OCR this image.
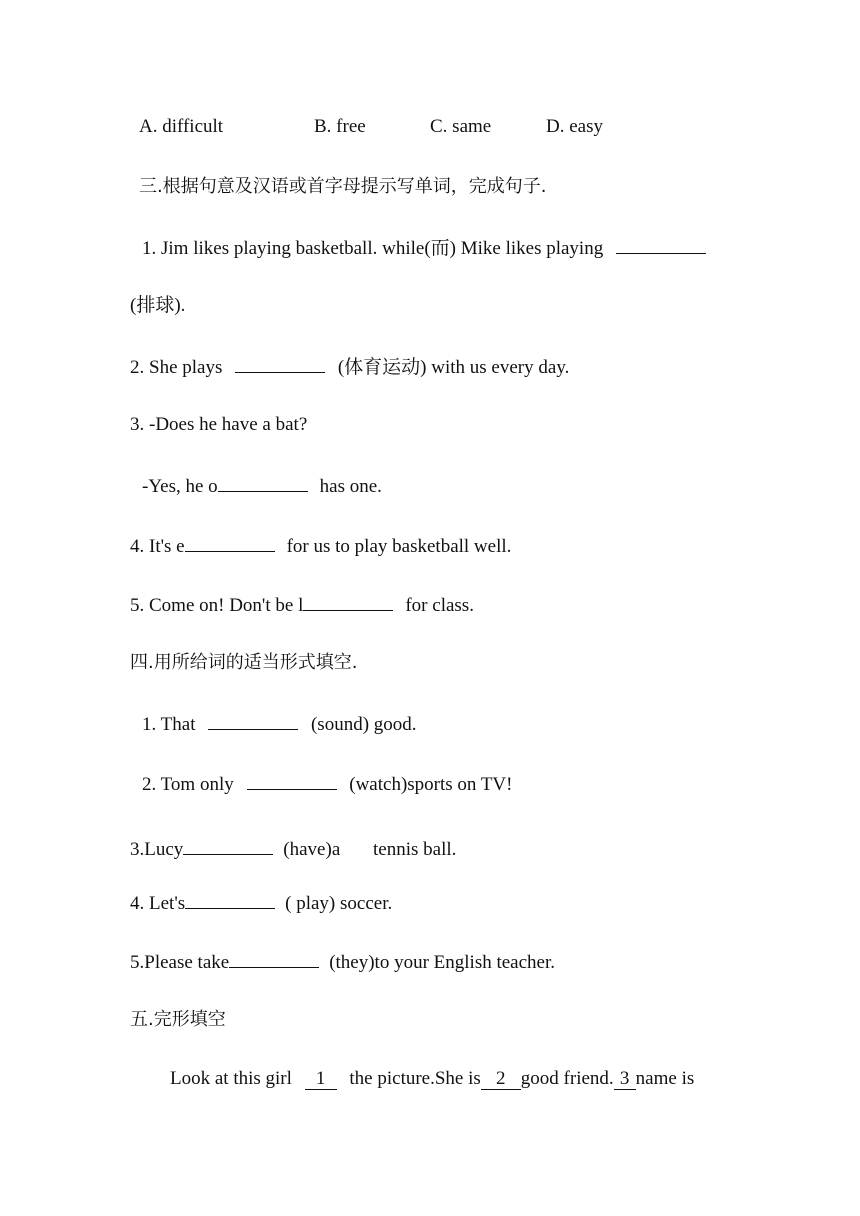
A. difficult	B. free	C. same	D. easy
三.根据句意及汉语或首字母提示写单词，完成句子.
1. Jim likes playing basketball. while(而) Mike likes playing
(排球).
2. She plays	(体育运动) with us every day.
3. -Does he have a bat?
-Yes, he o	has one.
4. It's e	for us to play basketball well.
5. Come on! Don't be l	for class.
四.用所给词的适当形式填空.
1. That	(sound) good.
2. Tom only	(watch)sports on TV!
3.Lucy	(have)a tennis ball.
4. Let's	( play) soccer.
5.Please take	(they)to your English teacher.
五.完形填空
Look at this girl 1 the picture.She is 2 good friend. 3 name is
